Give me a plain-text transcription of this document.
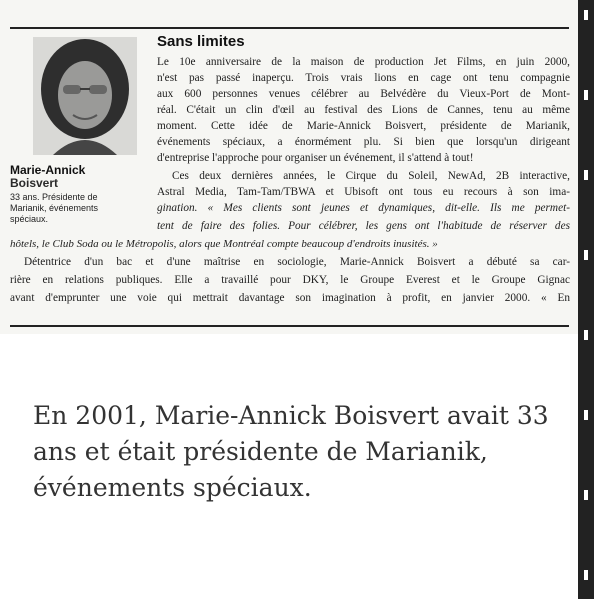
Marie-Annick
Boisvert
33 ans. Présidente de
Marianik, événements
spéciaux.
Sans limites
Le 10e anniversaire de la maison de production Jet Films, en juin 2000,
n'est pas passé inaperçu. Trois vrais lions en cage ont tenu compagnie
aux 600 personnes venues célébrer au Belvédère du Vieux-Port de Mont-
réal. C'était un clin d'œil au festival des Lions de Cannes, tenu au même
moment. Cette idée de Marie-Annick Boisvert, présidente de Marianik,
événements spéciaux, a énormément plu. Si bien que lorsqu'un dirigeant
d'entreprise l'approche pour organiser un événement, il s'attend à tout!
Ces deux dernières années, le Cirque du Soleil, NewAd, 2B interactive,
Astral Media, Tam-Tam/TBWA et Ubisoft ont tous eu recours à son ima-
gination. « Mes clients sont jeunes et dynamiques, dit-elle. Ils me permet-
tent de faire des folies. Pour célébrer, les gens ont l'habitude de réserver des
hôtels, le Club Soda ou le Métropolis, alors que Montréal compte beaucoup d'endroits inusités. »
Détentrice d'un bac et d'une maîtrise en sociologie, Marie-Annick Boisvert a débuté sa car-
rière en relations publiques. Elle a travaillé pour DKY, le Groupe Everest et le Groupe Gignac
avant d'emprunter une voie qui mettrait davantage son imagination à profit, en janvier 2000. « En
En 2001, Marie-Annick Boisvert avait 33 ans et était présidente de Marianik, événements spéciaux.
